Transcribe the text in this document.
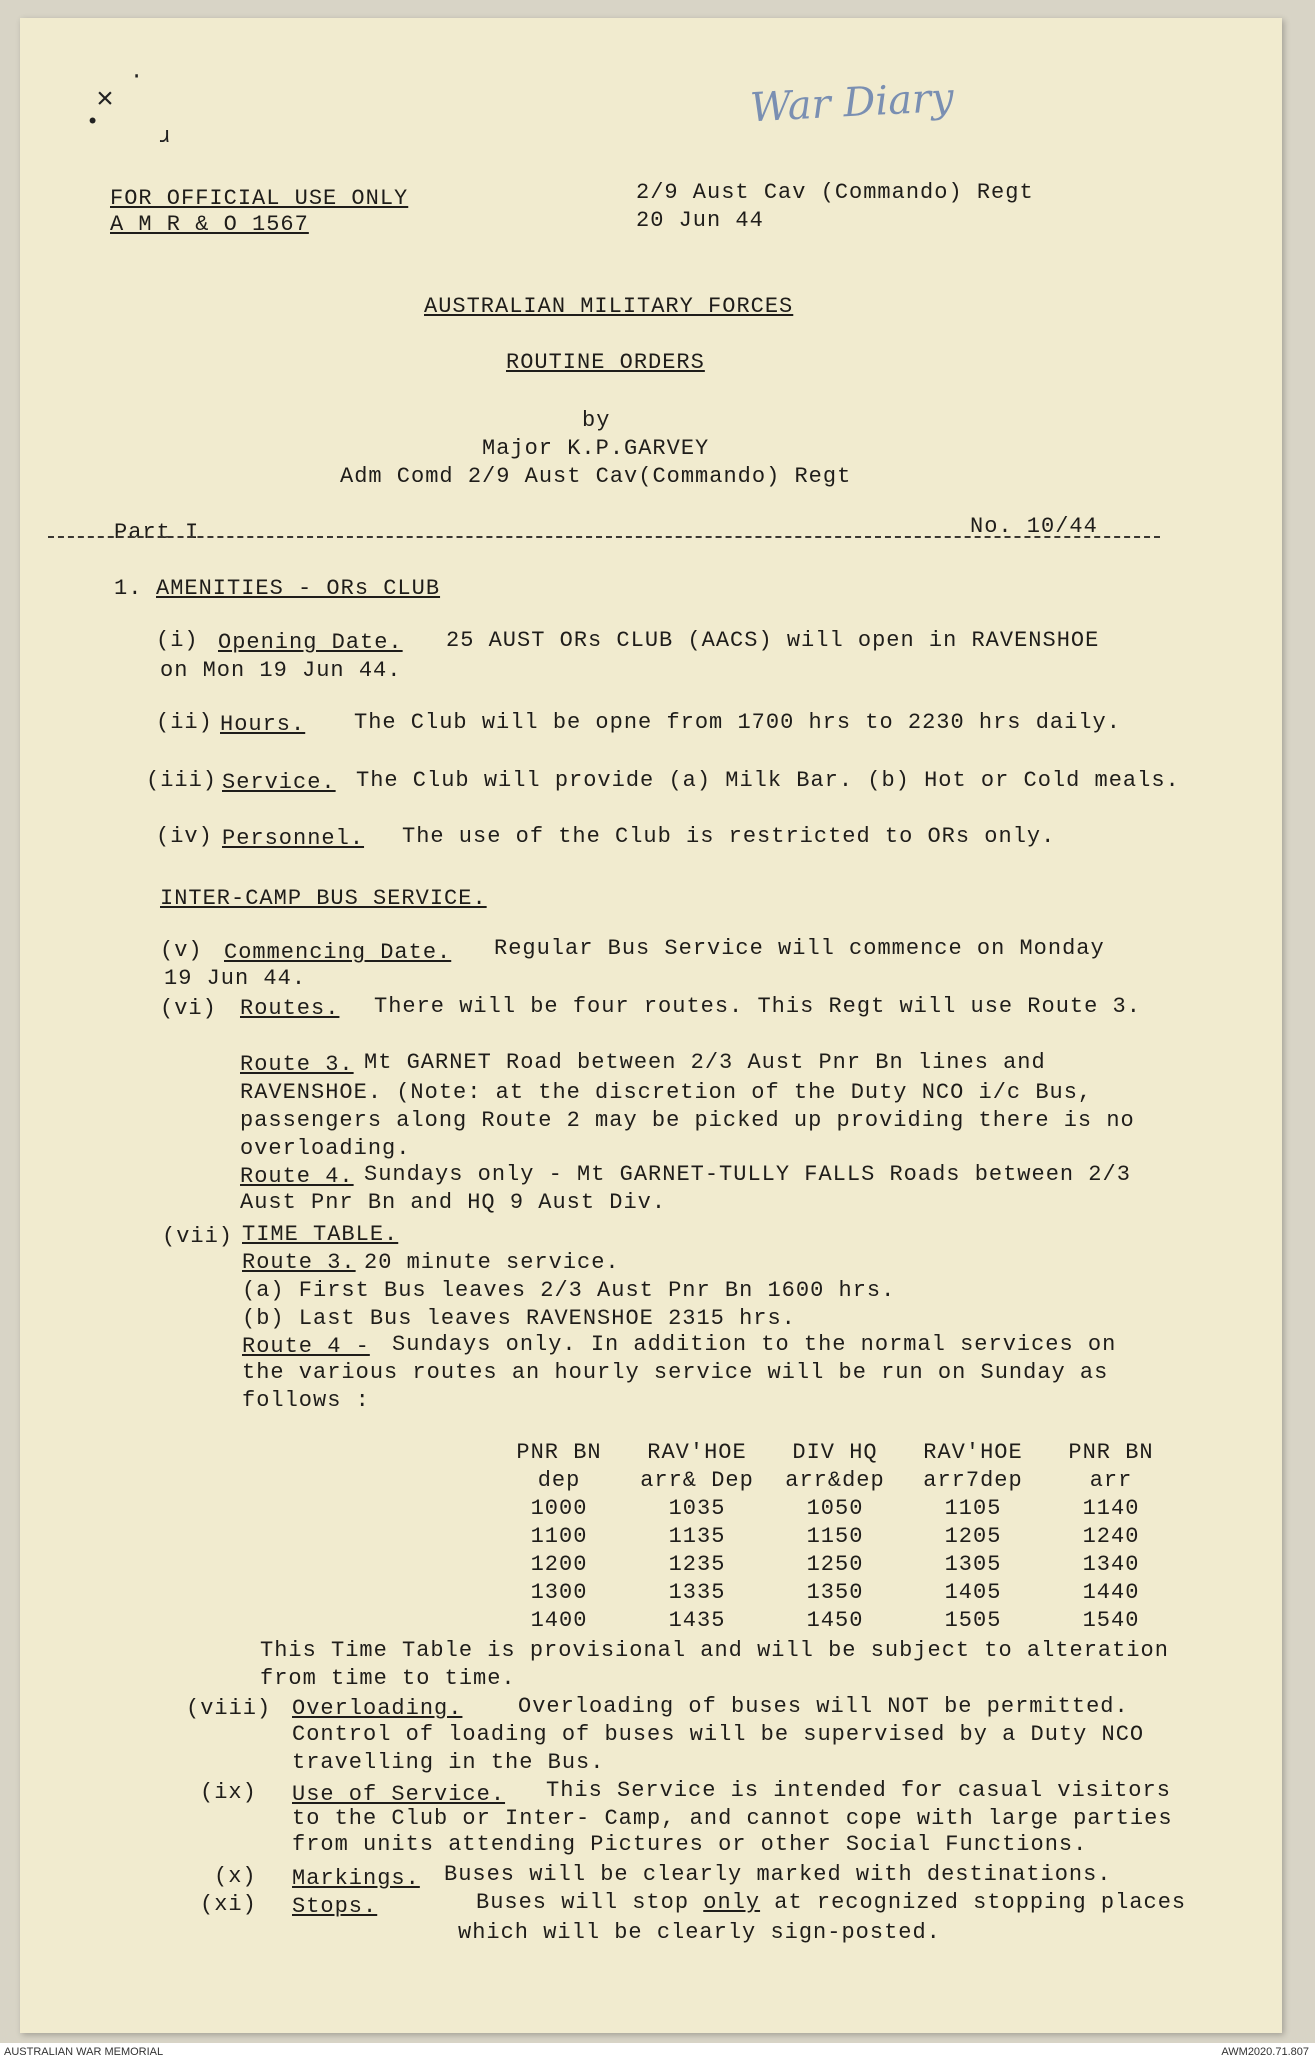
·
×
•
ɹ
War Diary
FOR OFFICIAL USE ONLY
A M R & O 1567
2/9 Aust Cav (Commando) Regt
20 Jun 44
AUSTRALIAN MILITARY FORCES
ROUTINE ORDERS
by
Major K.P.GARVEY
Adm Comd 2/9 Aust Cav(Commando) Regt
Part I	No. 10/44
1. AMENITIES - ORs CLUB
(i) Opening Date. 25 AUST ORs CLUB (AACS) will open in RAVENSHOE
on Mon 19 Jun 44.
(ii) Hours. The Club will be opne from 1700 hrs to 2230 hrs daily.
(iii) Service. The Club will provide (a) Milk Bar. (b) Hot or Cold meals.
(iv) Personnel. The use of the Club is restricted to ORs only.
INTER-CAMP BUS SERVICE.
(v) Commencing Date. Regular Bus Service will commence on Monday
19 Jun 44.
(vi) Routes. There will be four routes. This Regt will use Route 3.
Route 3. Mt GARNET Road between 2/3 Aust Pnr Bn lines and
RAVENSHOE. (Note: at the discretion of the Duty NCO i/c Bus,
passengers along Route 2 may be picked up providing there is no
overloading.
Route 4. Sundays only - Mt GARNET-TULLY FALLS Roads between 2/3
Aust Pnr Bn and HQ 9 Aust Div.
(vii) TIME TABLE.
Route 3. 20 minute service.
(a) First Bus leaves 2/3 Aust Pnr Bn 1600 hrs.
(b) Last Bus leaves RAVENSHOE 2315 hrs.
Route 4 - Sundays only. In addition to the normal services on
the various routes an hourly service will be run on Sunday as
follows :
PNR BN	RAV'HOE	DIV HQ	RAV'HOE	PNR BN
dep	arr& Dep	arr&dep	arr7dep	arr
1000	1035	1050	1105	1140
1100	1135	1150	1205	1240
1200	1235	1250	1305	1340
1300	1335	1350	1405	1440
1400	1435	1450	1505	1540
This Time Table is provisional and will be subject to alteration
from time to time.
(viii) Overloading.	Overloading of buses will NOT be permitted.
Control of loading of buses will be supervised by a Duty NCO
travelling in the Bus.
(ix) Use of Service. This Service is intended for casual visitors
to the Club or Inter- Camp, and cannot cope with large parties
from units attending Pictures or other Social Functions.
(x) Markings. Buses will be clearly marked with destinations.
(xi) Stops.	Buses will stop only at recognized stopping places
which will be clearly sign-posted.
AUSTRALIAN WAR MEMORIAL	AWM2020.71.807
